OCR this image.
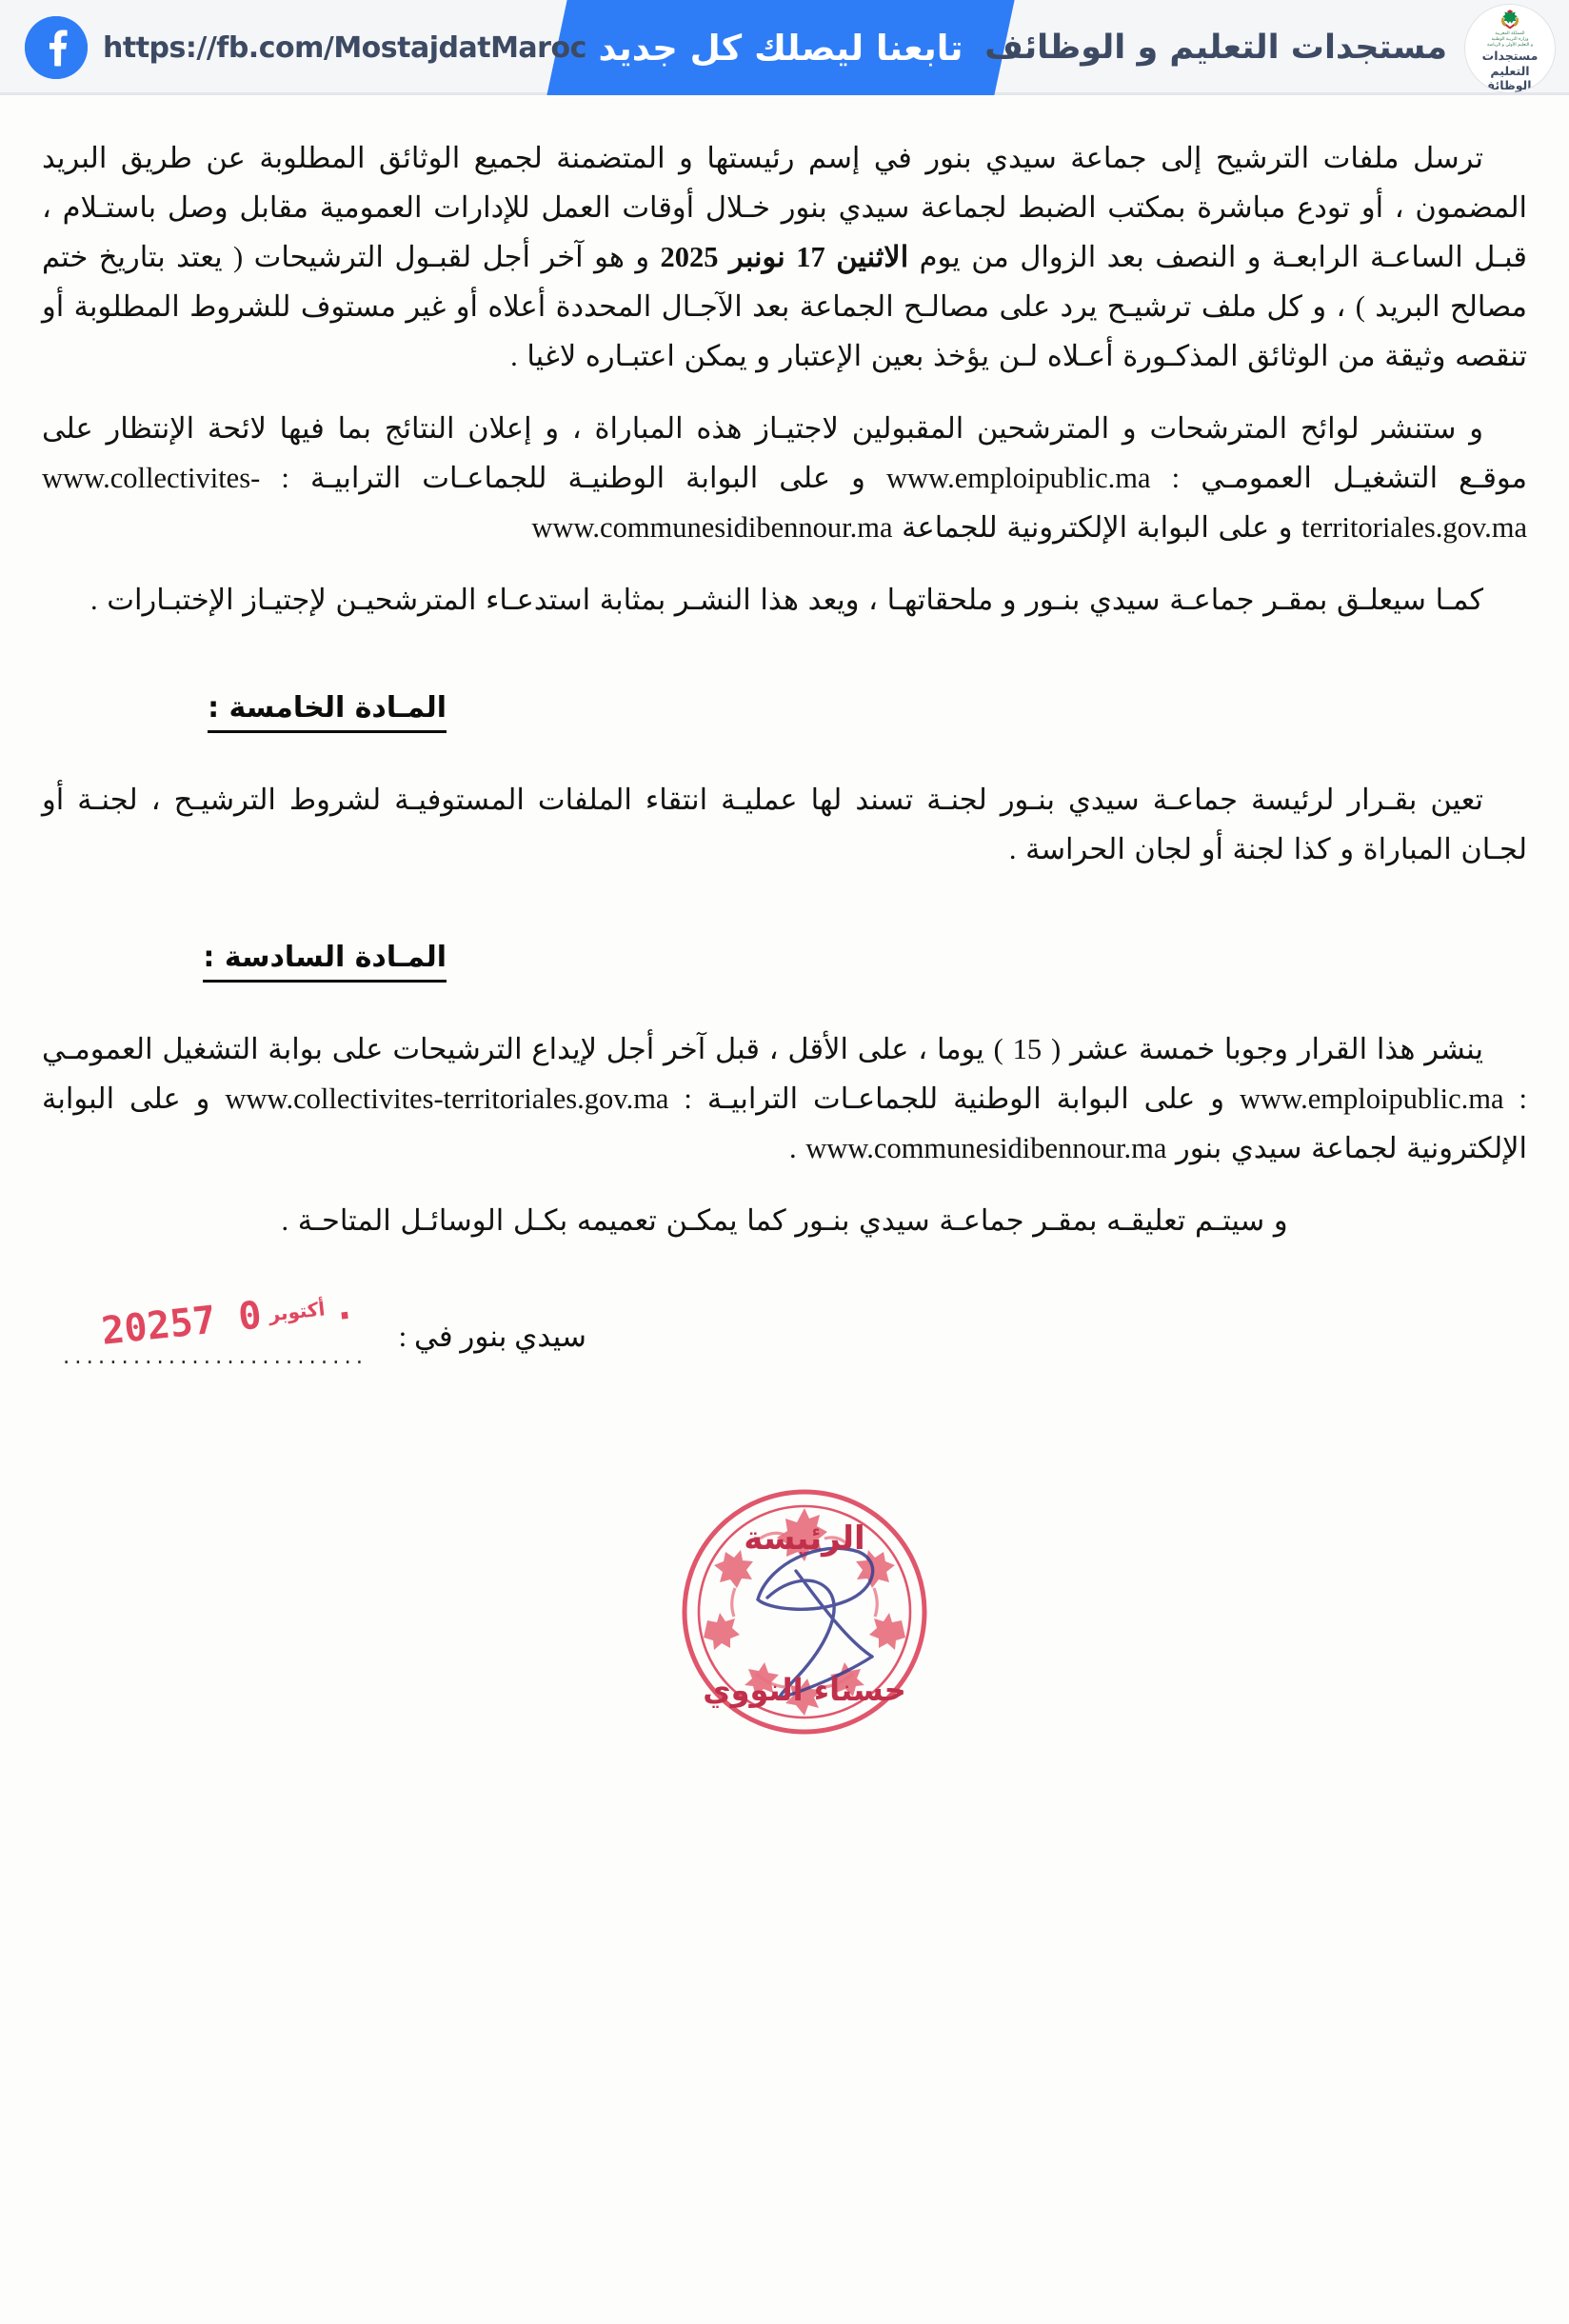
https://fb.com/MostajdatMaroc تابعنا ليصلك كل جديد مستجدات التعليم و الوظائف	المملكة المغربية
وزارة التربية الوطنية
و التعليم الأولي و الرياضة
مستجدات التعليم
والوظائف

ترسل ملفات الترشيح إلى جماعة سيدي بنور في إسم رئيستها و المتضمنة لجميع الوثائق المطلوبة عن طريق البريد المضمون ، أو تودع مباشرة بمكتب الضبط لجماعة سيدي بنور خـلال أوقات العمل للإدارات العمومية مقابل وصل باستـلام ، قبـل الساعـة الرابعـة و النصف بعد الزوال من يوم الاثنين 17 نونبر 2025 و هو آخر أجل لقبـول الترشيحات ( يعتد بتاريخ ختم مصالح البريد ) ، و كل ملف ترشيـح يرد على مصالـح الجماعة بعد الآجـال المحددة أعلاه أو غير مستوف للشروط المطلوبة أو تنقصه وثيقة من الوثائق المذكـورة أعـلاه لـن يؤخذ بعين الإعتبار و يمكن اعتبـاره لاغيا .

و ستنشر لوائح المترشحات و المترشحين المقبولين لاجتيـاز هذه المباراة ، و إعلان النتائج بما فيها لائحة الإنتظار على موقـع التشغيـل العمومـي : www.emploipublic.ma و على البوابة الوطنيـة للجماعـات الترابيـة : www.collectivites-territoriales.gov.ma و على البوابة الإلكترونية للجماعة www.communesidibennour.ma

كمـا سيعلـق بمقـر جماعـة سيدي بنـور و ملحقاتهـا ، ويعد هذا النشـر بمثابة استدعـاء المترشحيـن لإجتيـاز الإختبـارات .

المـادة الخامسة :

تعين بقـرار لرئيسة جماعـة سيدي بنـور لجنـة تسند لها عمليـة انتقاء الملفات المستوفيـة لشروط الترشيـح ، لجنـة أو لجـان المباراة و كذا لجنة أو لجان الحراسة .

المـادة السادسة :

ينشر هذا القرار وجوبا خمسة عشر ( 15 ) يوما ، على الأقل ، قبل آخر أجل لإيداع الترشيحات على بوابة التشغيل العمومـي : www.emploipublic.ma و على البوابة الوطنية للجماعـات الترابيـة : www.collectivites-territoriales.gov.ma و على البوابة الإلكترونية لجماعة سيدي بنور www.communesidibennour.ma .

و سيتـم تعليقـه بمقـر جماعـة سيدي بنـور كما يمكـن تعميمه بكـل الوسائـل المتاحـة .

سيدي بنور في :
..........................
2025	أكتوبر0 7.
الرئيسة
حسناء النووي
